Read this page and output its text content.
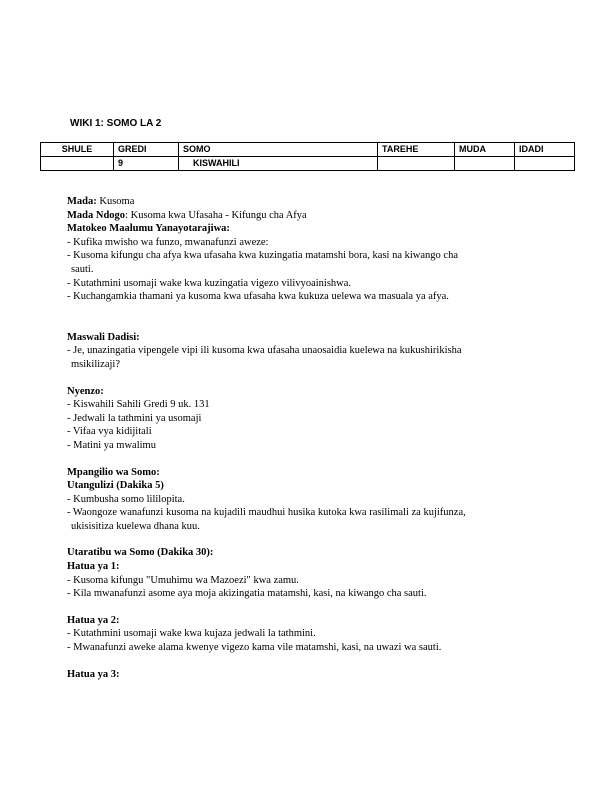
WIKI 1: SOMO LA 2
SHULE	GREDI	SOMO	TAREHE	MUDA	IDADI
	9	KISWAHILI			

Mada: Kusoma

Mada Ndogo: Kusoma kwa Ufasaha - Kifungu cha Afya

Matokeo Maalumu Yanayotarajiwa:

- Kufika mwisho wa funzo, mwanafunzi aweze:
- Kusoma kifungu cha afya kwa ufasaha kwa kuzingatia matamshi bora, kasi na kiwango cha
sauti.
- Kutathmini usomaji wake kwa kuzingatia vigezo vilivyoainishwa.
- Kuchangamkia thamani ya kusoma kwa ufasaha kwa kukuza uelewa wa masuala ya afya.

Maswali Dadisi:

- Je, unazingatia vipengele vipi ili kusoma kwa ufasaha unaosaidia kuelewa na kukushirikisha
msikilizaji?

Nyenzo:

- Kiswahili Sahili Gredi 9 uk. 131
- Jedwali la tathmini ya usomaji
- Vifaa vya kidijitali
- Matini ya mwalimu

Mpangilio wa Somo:

Utangulizi (Dakika 5)

- Kumbusha somo lililopita.
- Waongoze wanafunzi kusoma na kujadili maudhui husika kutoka kwa rasilimali za kujifunza,
ukisisitiza kuelewa dhana kuu.

Utaratibu wa Somo (Dakika 30):

Hatua ya 1:

- Kusoma kifungu "Umuhimu wa Mazoezi" kwa zamu.
- Kila mwanafunzi asome aya moja akizingatia matamshi, kasi, na kiwango cha sauti.

Hatua ya 2:

- Kutathmini usomaji wake kwa kujaza jedwali la tathmini.
- Mwanafunzi aweke alama kwenye vigezo kama vile matamshi, kasi, na uwazi wa sauti.

Hatua ya 3:
